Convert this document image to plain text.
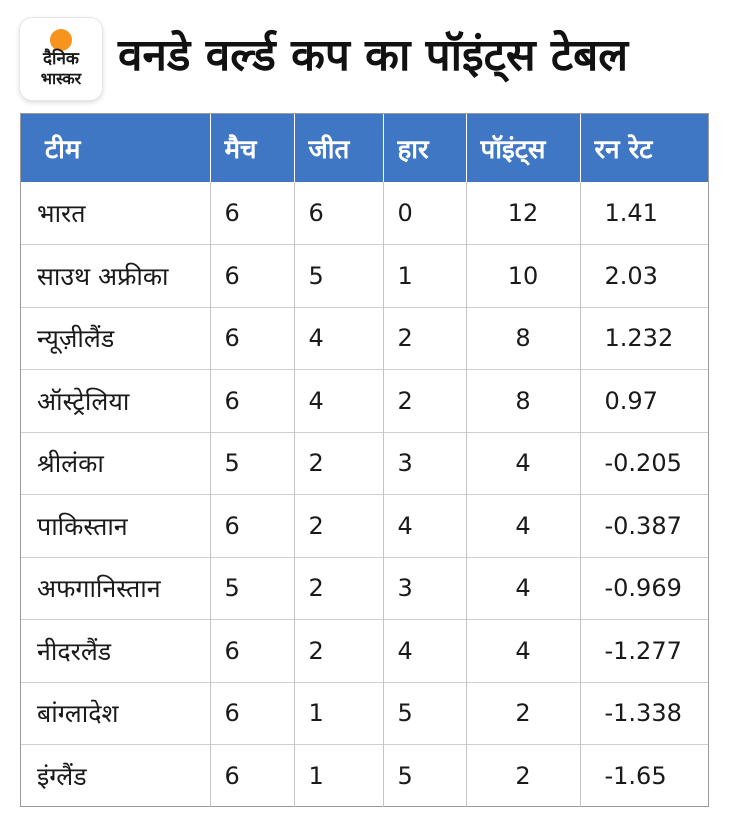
दैनिक
भास्कर वनडे वर्ल्ड कप का पॉइंट्स टेबल
टीम	मैच	जीत	हार	पॉइंट्स	रन रेट
भारत	6	6	0	12	1.41
साउथ अफ्रीका	6	5	1	10	2.03
न्यूज़ीलैंड	6	4	2	8	1.232
ऑस्ट्रेलिया	6	4	2	8	0.97
श्रीलंका	5	2	3	4	-0.205
पाकिस्तान	6	2	4	4	-0.387
अफगानिस्तान	5	2	3	4	-0.969
नीदरलैंड	6	2	4	4	-1.277
बांग्लादेश	6	1	5	2	-1.338
इंग्लैंड	6	1	5	2	-1.65
